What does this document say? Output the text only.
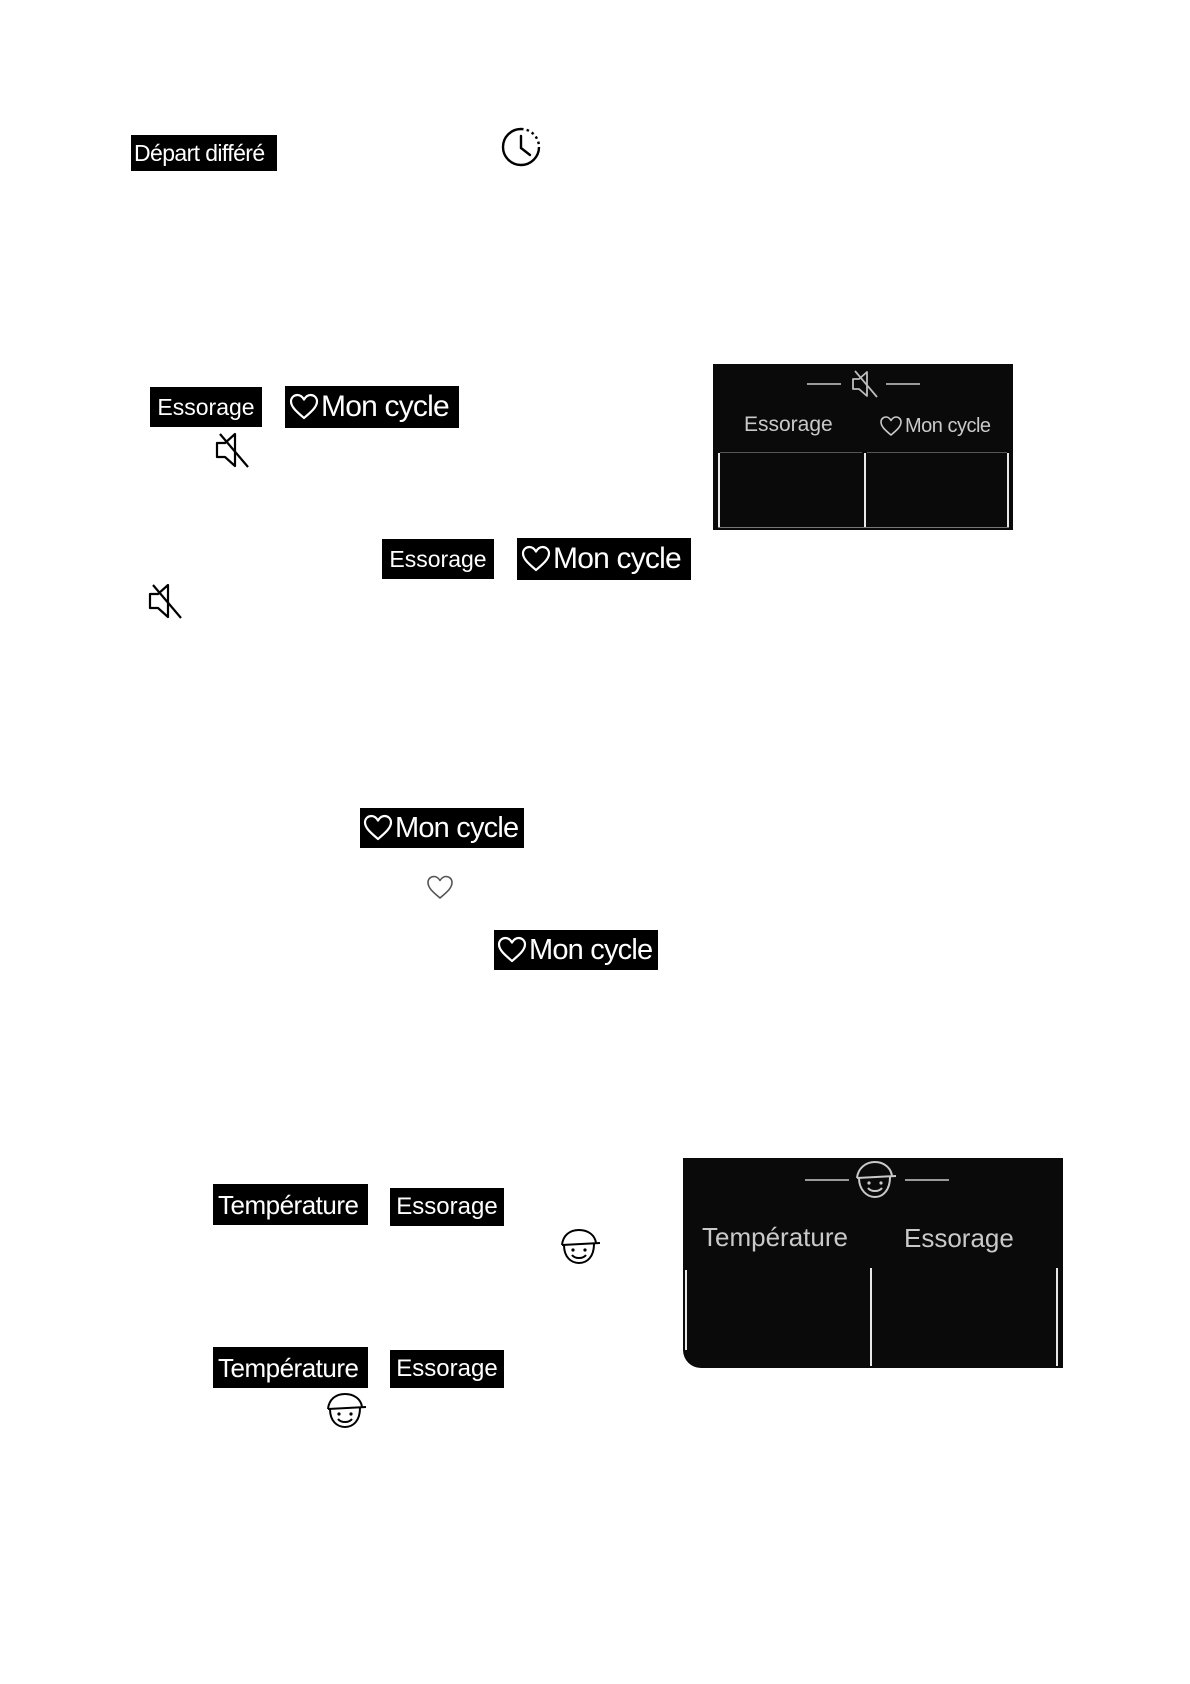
Départ différé
Essorage Mon cycle
Essorage Mon cycle
Essorage	Mon cycle
Mon cycle
Mon cycle
Température Essorage
Température Essorage
Température Essorage
